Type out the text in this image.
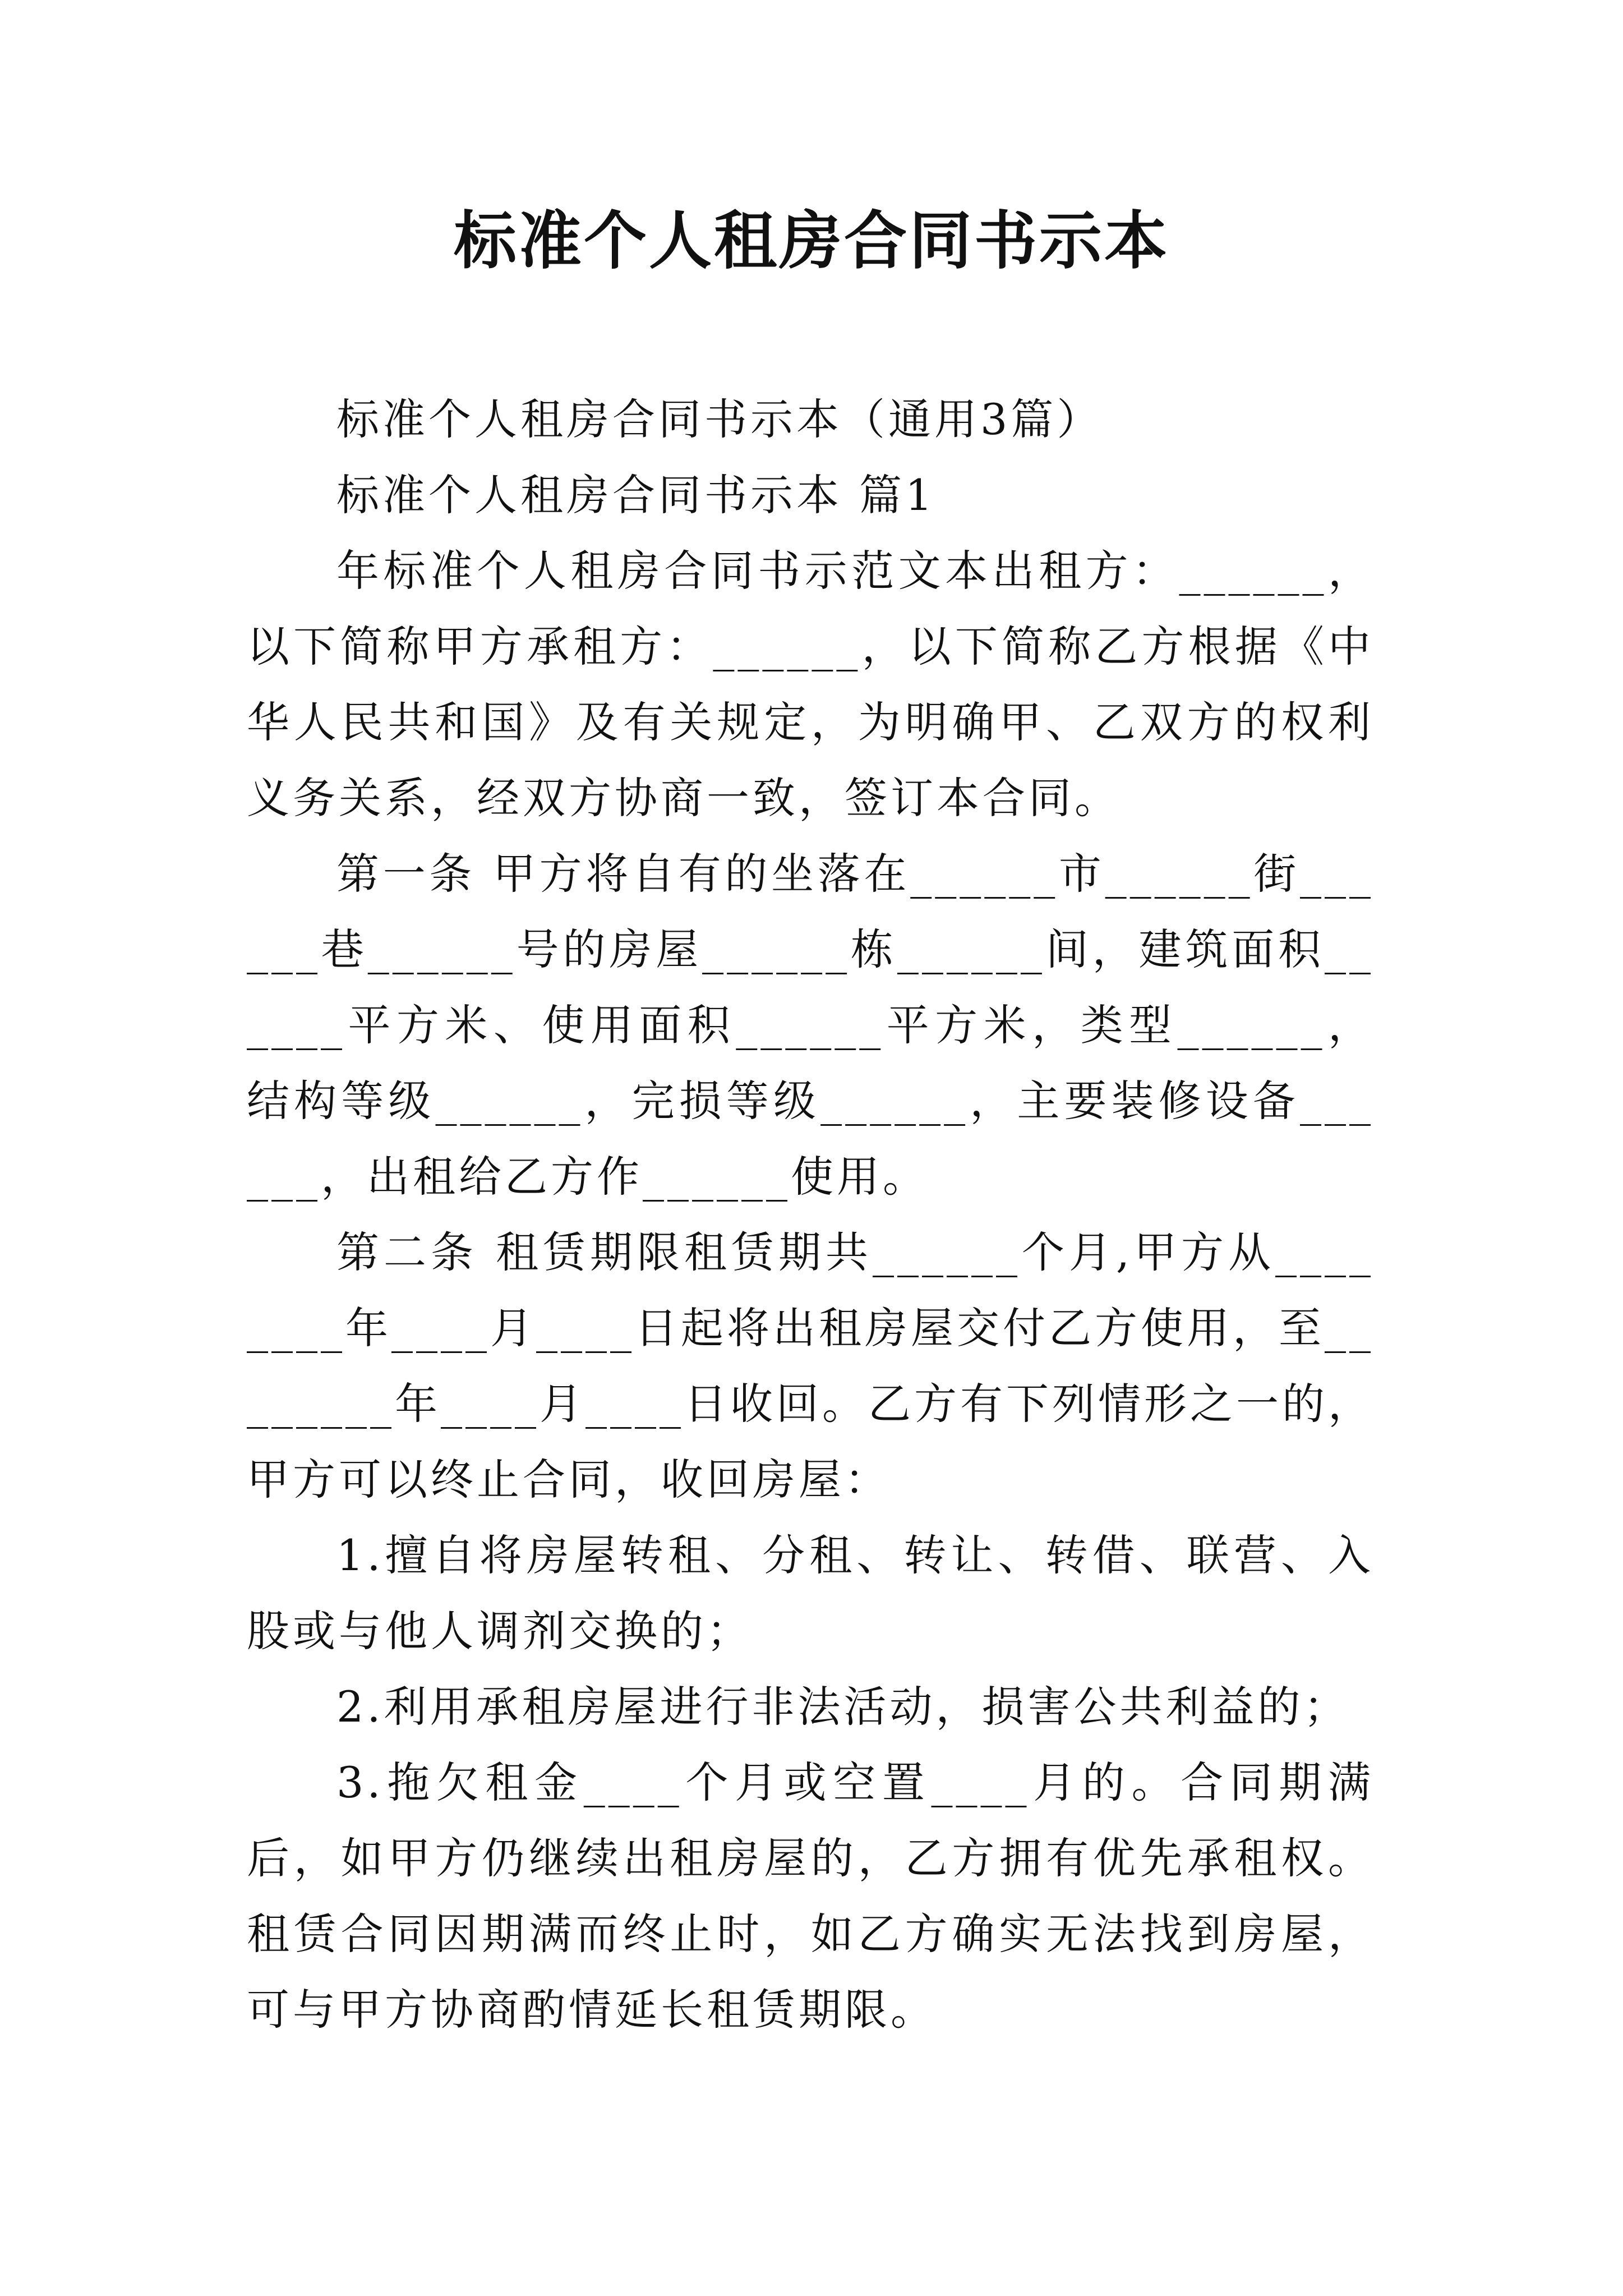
标准个人租房合同书示本

标准个人租房合同书示本（通用3篇）

标准个人租房合同书示本 篇1

年标准个人租房合同书示范文本出租方：______，以下简称甲方承租方：______，以下简称乙方根据《中华人民共和国》及有关规定，为明确甲、乙双方的权利义务关系，经双方协商一致，签订本合同。

第一条 甲方将自有的坐落在______市______街______巷______号的房屋______栋______间，建筑面积______平方米、使用面积______平方米，类型______，结构等级______，完损等级______，主要装修设备______，出租给乙方作______使用。

第二条 租赁期限租赁期共______个月,甲方从________年____月____日起将出租房屋交付乙方使用，至________年____月____日收回。乙方有下列情形之一的，甲方可以终止合同，收回房屋：

1.擅自将房屋转租、分租、转让、转借、联营、入股或与他人调剂交换的；

2.利用承租房屋进行非法活动，损害公共利益的；

3.拖欠租金____个月或空置____月的。合同期满后，如甲方仍继续出租房屋的，乙方拥有优先承租权。租赁合同因期满而终止时，如乙方确实无法找到房屋，可与甲方协商酌情延长租赁期限。
